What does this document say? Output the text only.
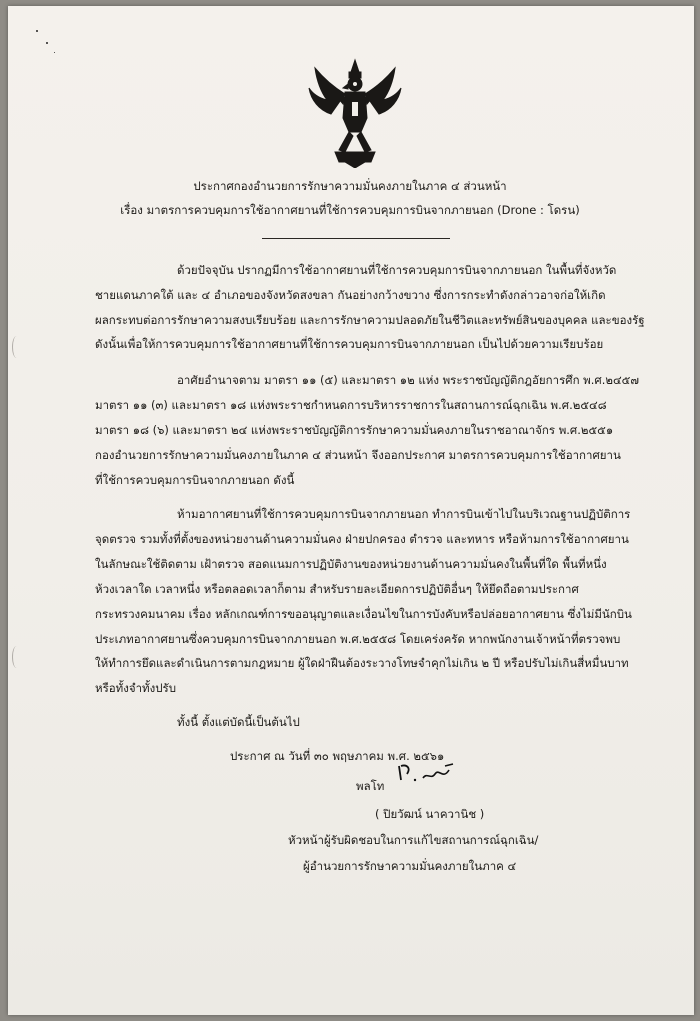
ประกาศกองอำนวยการรักษาความมั่นคงภายในภาค ๔ ส่วนหน้า
เรื่อง มาตรการควบคุมการใช้อากาศยานที่ใช้การควบคุมการบินจากภายนอก (Drone : โดรน)
ด้วยปัจจุบัน ปรากฏมีการใช้อากาศยานที่ใช้การควบคุมการบินจากภายนอก ในพื้นที่จังหวัด
ชายแดนภาคใต้ และ ๔ อำเภอของจังหวัดสงขลา กันอย่างกว้างขวาง ซึ่งการกระทำดังกล่าวอาจก่อให้เกิด
ผลกระทบต่อการรักษาความสงบเรียบร้อย และการรักษาความปลอดภัยในชีวิตและทรัพย์สินของบุคคล และของรัฐ
ดังนั้นเพื่อให้การควบคุมการใช้อากาศยานที่ใช้การควบคุมการบินจากภายนอก เป็นไปด้วยความเรียบร้อย
อาศัยอำนาจตาม มาตรา ๑๑ (๕) และมาตรา ๑๒ แห่ง พระราชบัญญัติกฎอัยการศึก พ.ศ.๒๔๕๗
มาตรา ๑๑ (๓) และมาตรา ๑๘ แห่งพระราชกำหนดการบริหารราชการในสถานการณ์ฉุกเฉิน พ.ศ.๒๕๔๘
มาตรา ๑๘ (๖) และมาตรา ๒๔ แห่งพระราชบัญญัติการรักษาความมั่นคงภายในราชอาณาจักร พ.ศ.๒๕๕๑
กองอำนวยการรักษาความมั่นคงภายในภาค ๔ ส่วนหน้า จึงออกประกาศ มาตรการควบคุมการใช้อากาศยาน
ที่ใช้การควบคุมการบินจากภายนอก ดังนี้
ห้ามอากาศยานที่ใช้การควบคุมการบินจากภายนอก ทำการบินเข้าไปในบริเวณฐานปฏิบัติการ
จุดตรวจ รวมทั้งที่ตั้งของหน่วยงานด้านความมั่นคง ฝ่ายปกครอง ตำรวจ และทหาร หรือห้ามการใช้อากาศยาน
ในลักษณะใช้ติดตาม เฝ้าตรวจ สอดแนมการปฏิบัติงานของหน่วยงานด้านความมั่นคงในพื้นที่ใด พื้นที่หนึ่ง
ห้วงเวลาใด เวลาหนึ่ง หรือตลอดเวลาก็ตาม สำหรับรายละเอียดการปฏิบัติอื่นๆ ให้ยึดถือตามประกาศ
กระทรวงคมนาคม เรื่อง หลักเกณฑ์การขออนุญาตและเงื่อนไขในการบังคับหรือปล่อยอากาศยาน ซึ่งไม่มีนักบิน
ประเภทอากาศยานซึ่งควบคุมการบินจากภายนอก พ.ศ.๒๕๕๘ โดยเคร่งครัด หากพนักงานเจ้าหน้าที่ตรวจพบ
ให้ทำการยึดและดำเนินการตามกฎหมาย ผู้ใดฝ่าฝืนต้องระวางโทษจำคุกไม่เกิน ๒ ปี หรือปรับไม่เกินสี่หมื่นบาท
หรือทั้งจำทั้งปรับ
ทั้งนี้ ตั้งแต่บัดนี้เป็นต้นไป
ประกาศ ณ วันที่ ๓๐ พฤษภาคม พ.ศ. ๒๕๖๑
พลโท
( ปิยวัฒน์ นาควานิช )
หัวหน้าผู้รับผิดชอบในการแก้ไขสถานการณ์ฉุกเฉิน/
ผู้อำนวยการรักษาความมั่นคงภายในภาค ๔
